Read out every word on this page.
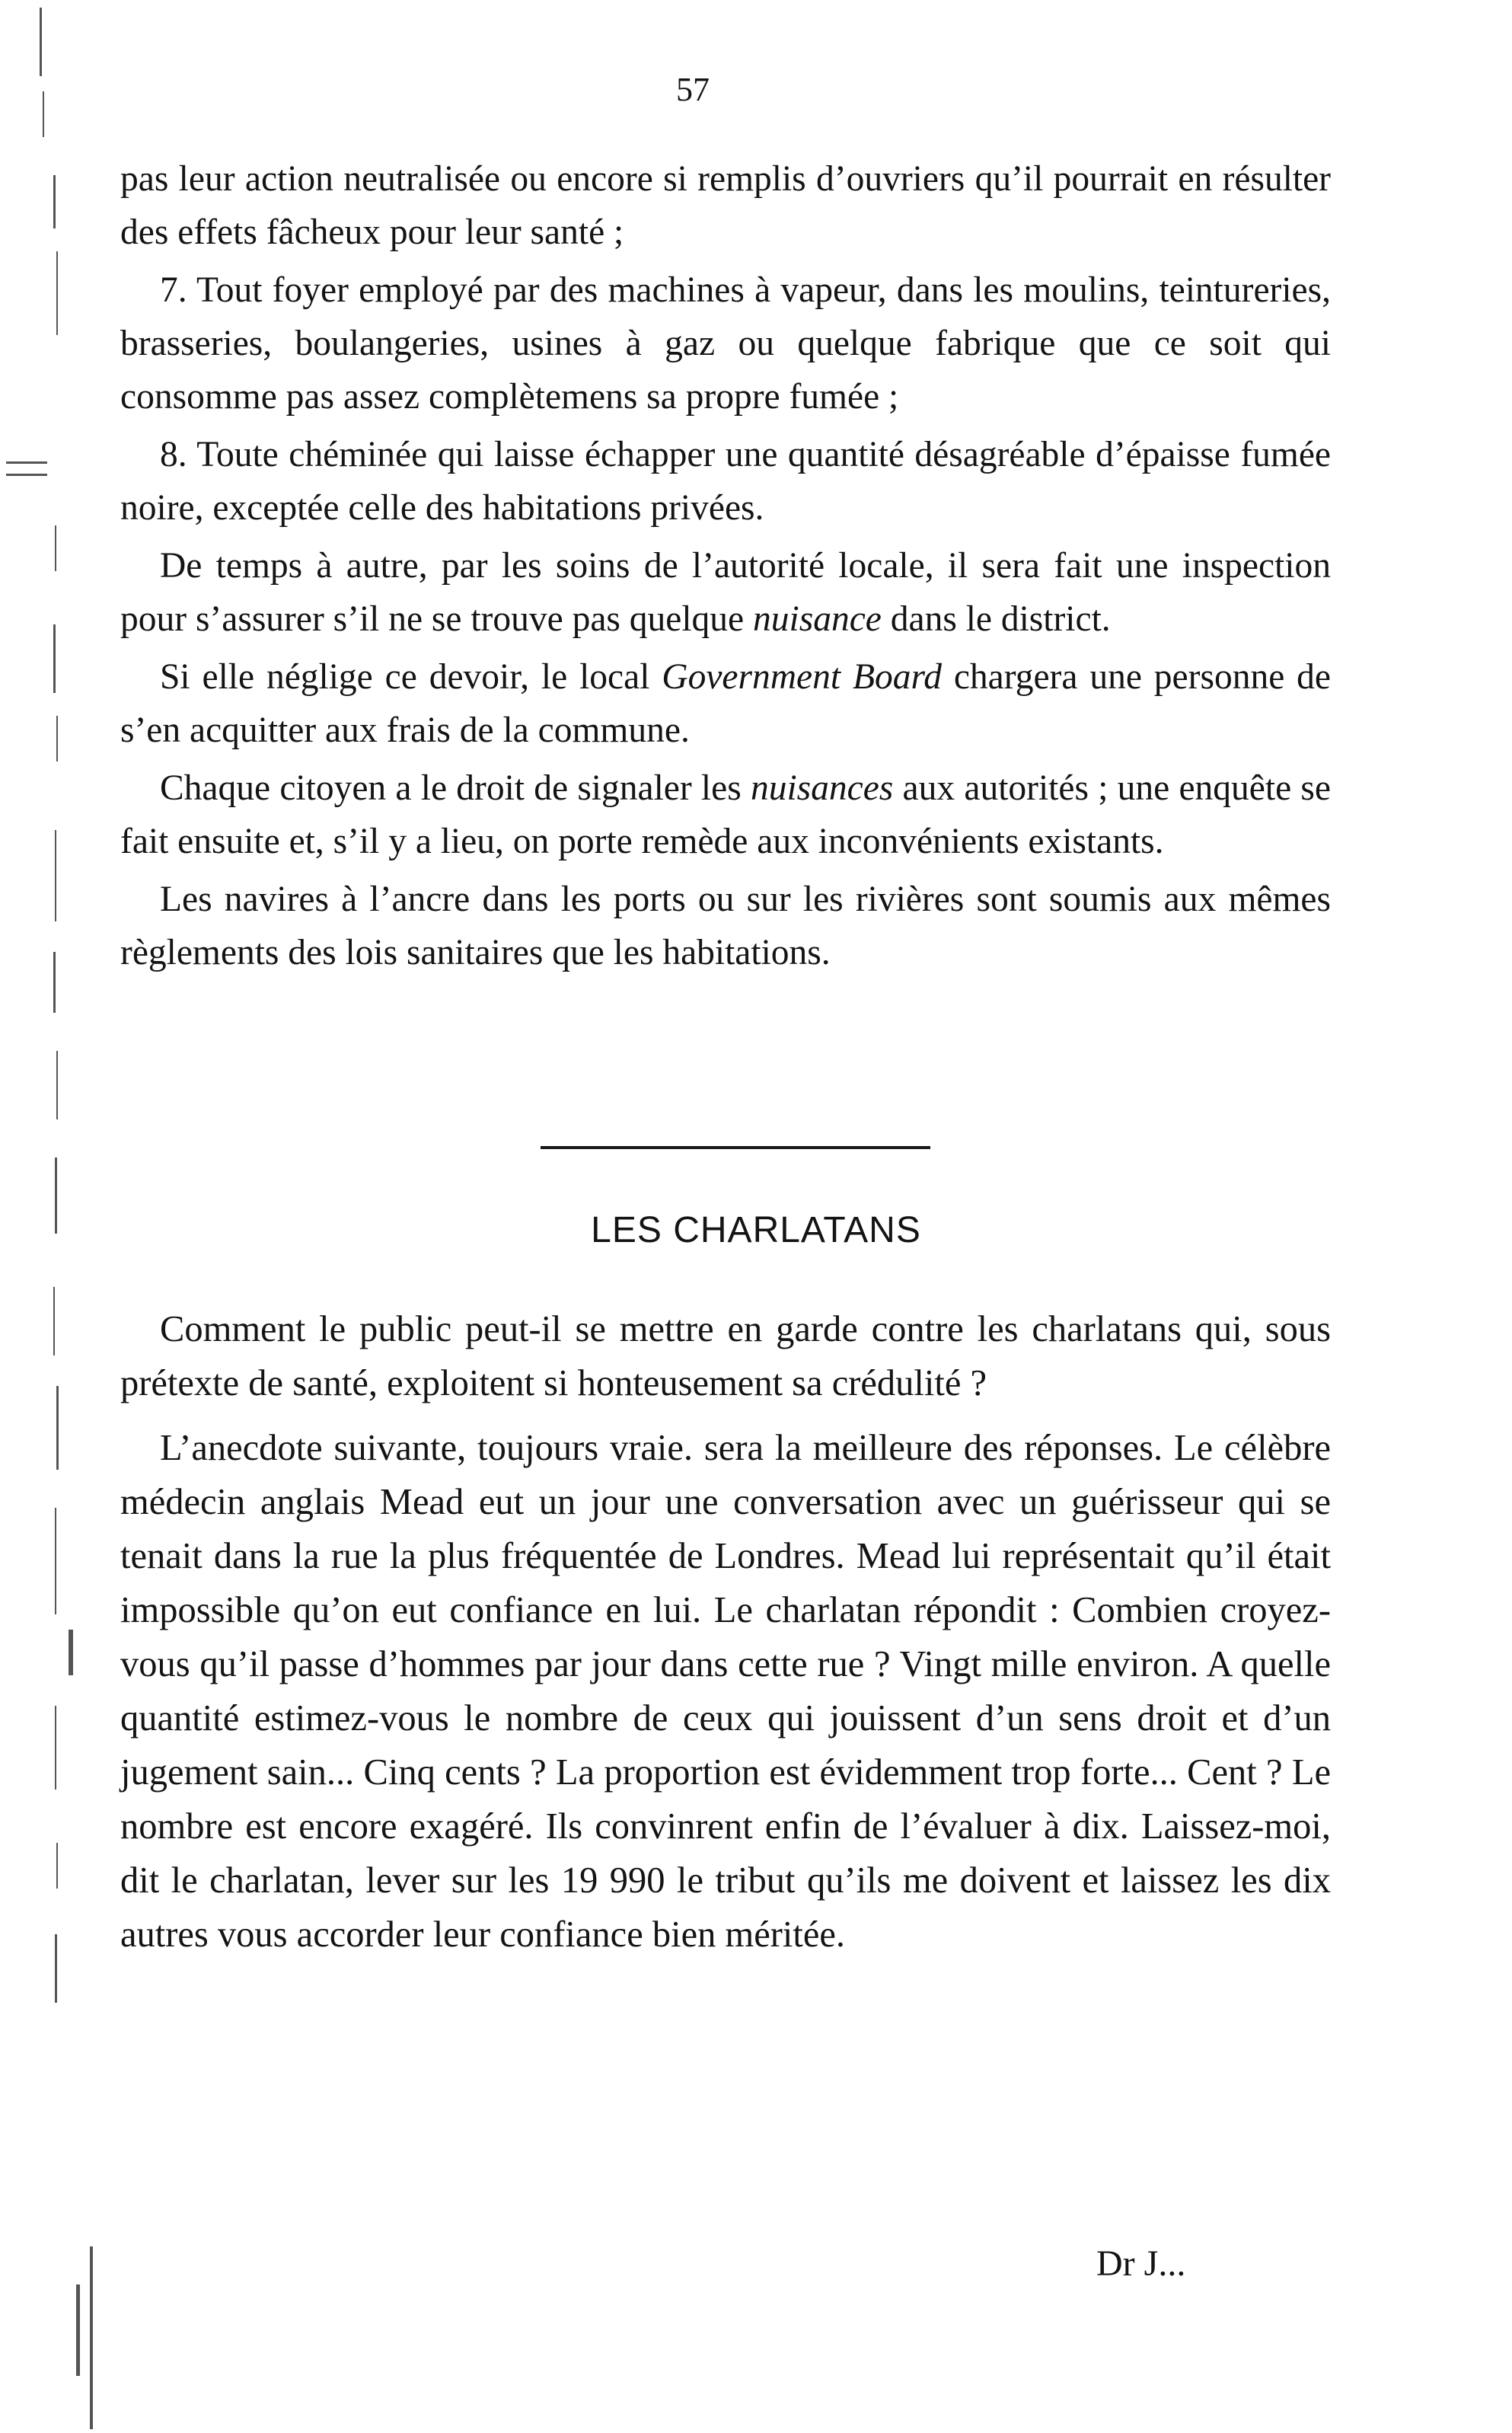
57

pas leur action neutralisée ou encore si remplis d’ouvriers qu’il pourrait en résulter des effets fâcheux pour leur santé ;

7. Tout foyer employé par des machines à vapeur, dans les moulins, teintureries, brasseries, boulangeries, usines à gaz ou quelque fabrique que ce soit qui consomme pas assez complètemens sa propre fumée ;

8. Toute chéminée qui laisse échapper une quantité désagréable d’épaisse fumée noire, exceptée celle des habitations privées.

De temps à autre, par les soins de l’autorité locale, il sera fait une inspection pour s’assurer s’il ne se trouve pas quelque nuisance dans le district.

Si elle néglige ce devoir, le local Government Board chargera une personne de s’en acquitter aux frais de la commune.

Chaque citoyen a le droit de signaler les nuisances aux autorités ; une enquête se fait ensuite et, s’il y a lieu, on porte remède aux inconvénients existants.

Les navires à l’ancre dans les ports ou sur les rivières sont soumis aux mêmes règlements des lois sanitaires que les habitations.

LES CHARLATANS

Comment le public peut-il se mettre en garde contre les charlatans qui, sous prétexte de santé, exploitent si honteusement sa crédulité ?

L’anecdote suivante, toujours vraie. sera la meilleure des réponses. Le célèbre médecin anglais Mead eut un jour une conversation avec un guérisseur qui se tenait dans la rue la plus fréquentée de Londres. Mead lui représentait qu’il était impossible qu’on eut confiance en lui. Le charlatan répondit : Combien croyez-vous qu’il passe d’hommes par jour dans cette rue ? Vingt mille environ. A quelle quantité estimez-vous le nombre de ceux qui jouissent d’un sens droit et d’un jugement sain... Cinq cents ? La proportion est évidemment trop forte... Cent ? Le nombre est encore exagéré. Ils convinrent enfin de l’évaluer à dix. Laissez-moi, dit le charlatan, lever sur les 19 990 le tribut qu’ils me doivent et laissez les dix autres vous accorder leur confiance bien méritée.

Dr J...
